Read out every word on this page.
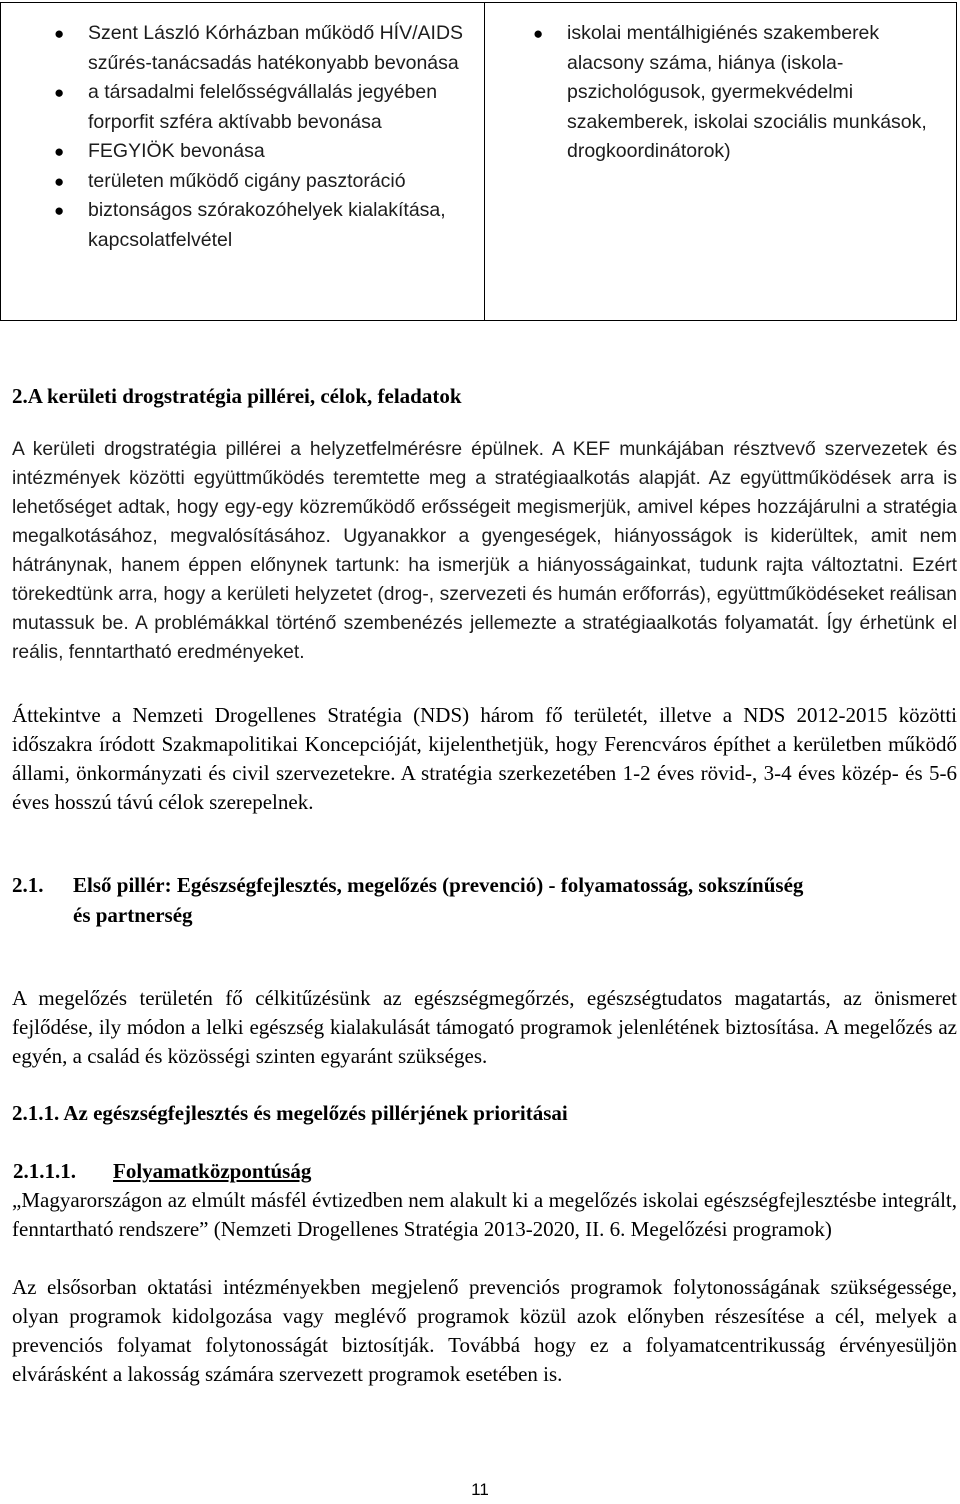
● Szent László Kórházban működő HÍV/AIDS szűrés-tanácsadás hatékonyabb bevonása
● a társadalmi felelősségvállalás jegyében forporfit szféra aktívabb bevonása
● FEGYIÖK bevonása
● területen működő cigány pasztoráció
● biztonságos szórakozóhelyek kialakítása, kapcsolatfelvétel
● iskolai mentálhigiénés szakemberek alacsony száma, hiánya (iskola-pszichológusok, gyermekvédelmi szakemberek, iskolai szociális munkások, drogkoordinátorok)

2.A kerületi drogstratégia pillérei, célok, feladatok

A kerületi drogstratégia pillérei a helyzetfelmérésre épülnek. A KEF munkájában résztvevő szervezetek és intézmények közötti együttműködés teremtette meg a stratégiaalkotás alapját. Az együttműködések arra is lehetőséget adtak, hogy egy-egy közreműködő erősségeit megismerjük, amivel képes hozzájárulni a stratégia megalkotásához, megvalósításához. Ugyanakkor a gyengeségek, hiányosságok is kiderültek, amit nem hátránynak, hanem éppen előnynek tartunk: ha ismerjük a hiányosságainkat, tudunk rajta változtatni. Ezért törekedtünk arra, hogy a kerületi helyzetet (drog-, szervezeti és humán erőforrás), együttműködéseket reálisan mutassuk be. A problémákkal történő szembenézés jellemezte a stratégiaalkotás folyamatát. Így érhetünk el reális, fenntartható eredményeket.

Áttekintve a Nemzeti Drogellenes Stratégia (NDS) három fő területét, illetve a NDS 2012-2015 közötti időszakra íródott Szakmapolitikai Koncepcióját, kijelenthetjük, hogy Ferencváros építhet a kerületben működő állami, önkormányzati és civil szervezetekre. A stratégia szerkezetében 1-2 éves rövid-, 3-4 éves közép- és 5-6 éves hosszú távú célok szerepelnek.

2.1.	Első pillér: Egészségfejlesztés, megelőzés (prevenció) - folyamatosság, sokszínűség

és partnerség

A megelőzés területén fő célkitűzésünk az egészségmegőrzés, egészségtudatos magatartás, az önismeret fejlődése, ily módon a lelki egészség kialakulását támogató programok jelenlétének biztosítása. A megelőzés az egyén, a család és közösségi szinten egyaránt szükséges.

2.1.1. Az egészségfejlesztés és megelőzés pillérjének prioritásai

2.1.1.1. Folyamatközpontúság

„Magyarországon az elmúlt másfél évtizedben nem alakult ki a megelőzés iskolai egészségfejlesztésbe integrált, fenntartható rendszere” (Nemzeti Drogellenes Stratégia 2013-2020, II. 6. Megelőzési programok)

Az elsősorban oktatási intézményekben megjelenő prevenciós programok folytonosságának szükségessége, olyan programok kidolgozása vagy meglévő programok közül azok előnyben részesítése a cél, melyek a prevenciós folyamat folytonosságát biztosítják. Továbbá hogy ez a folyamatcentrikusság érvényesüljön elvárásként a lakosság számára szervezett programok esetében is.

11
